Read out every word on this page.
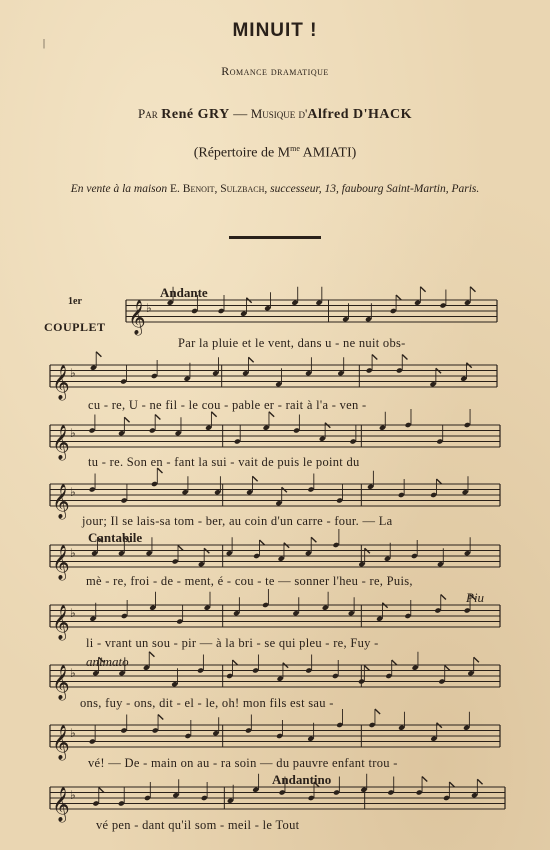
|
MINUIT !
Romance dramatique
Par René GRY — Musique d'Alfred D'HACK
(Répertoire de $M^{me}$ AMIATI)
En vente à la maison E. Benoit, Sulzbach, successeur, 13, faubourg Saint-Martin, Paris.
𝄞 ♭
𝄞 ♭
𝄞 ♭
𝄞 ♭
𝄞 ♭
𝄞 ♭
𝄞 ♭
𝄞 ♭
𝄞 ♭
1er
COUPLET
Andante
Cantabile
Piu
animato
Andantino
Par la pluie et le vent, dans u - ne nuit obs-
cu - re, U - ne fil - le cou - pable er - rait à l'a - ven -
tu - re. Son en - fant la sui - vait de puis le point du
jour; Il se lais-sa tom - ber, au coin d'un carre - four. — La
mè - re, froi - de - ment, é - cou - te — sonner l'heu - re, Puis,
li - vrant un sou - pir — à la bri - se qui pleu - re, Fuy -
ons, fuy - ons, dit - el - le, oh! mon fils est sau -
vé! — De - main on au - ra soin — du pauvre enfant trou -
vé pen - dant qu'il som - meil - le Tout
